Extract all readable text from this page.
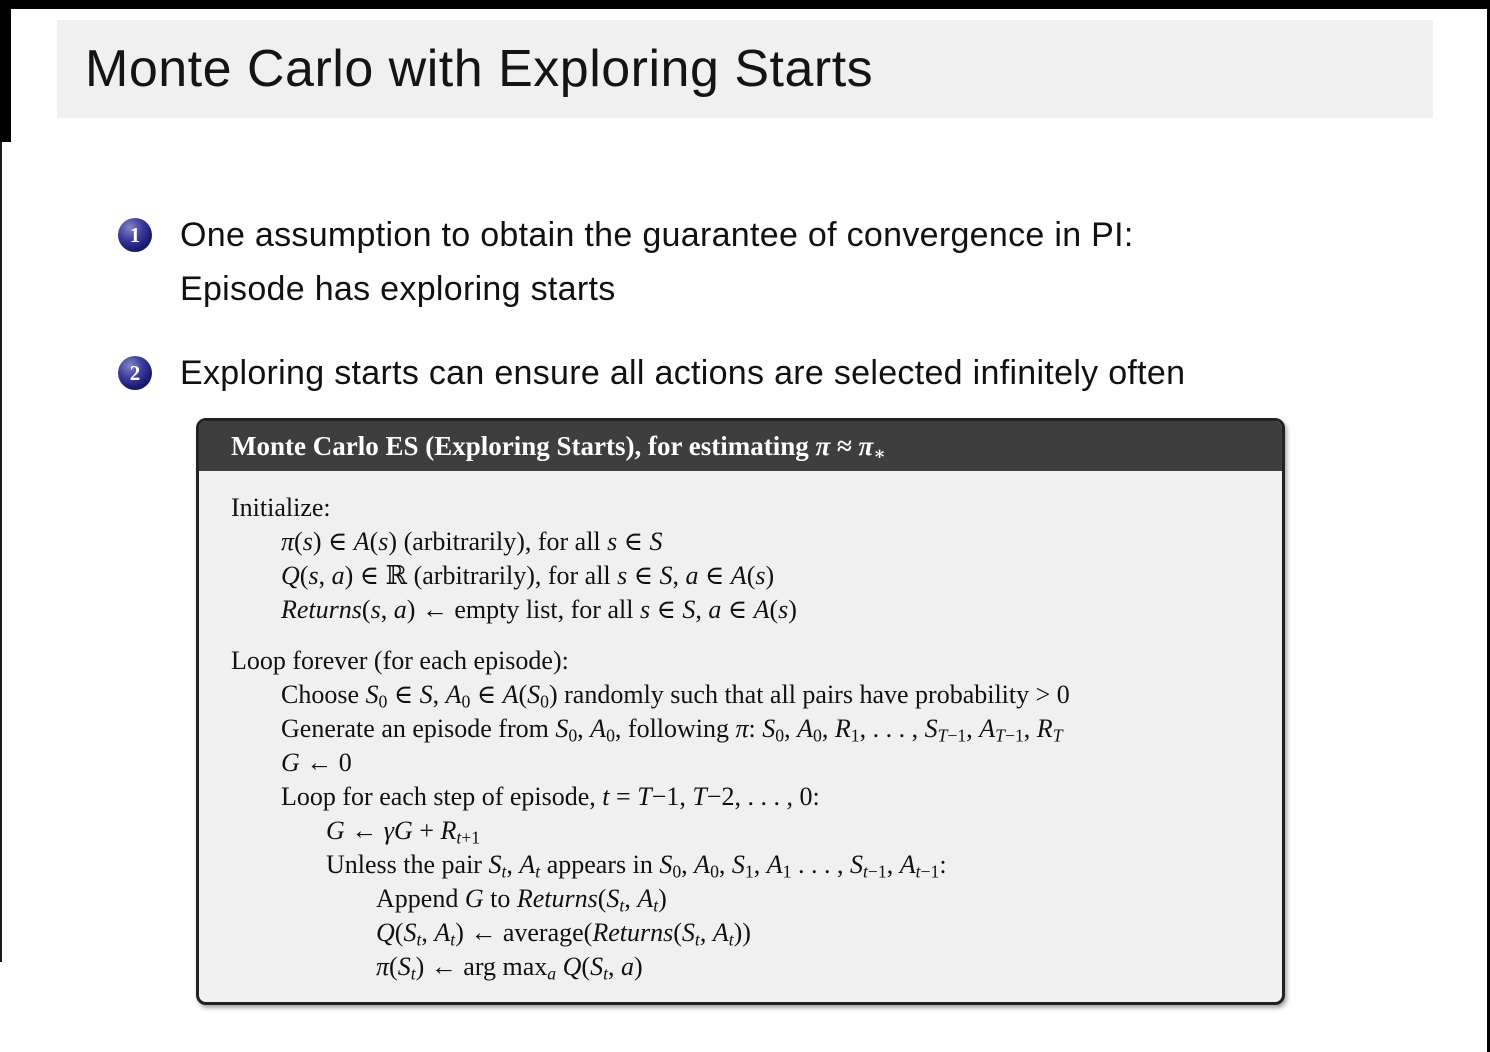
Monte Carlo with Exploring Starts
1	One assumption to obtain the guarantee of convergence in PI:
Episode has exploring starts
2	Exploring starts can ensure all actions are selected infinitely often
Monte Carlo ES (Exploring Starts), for estimating $\pi \approx \pi_∗$
Initialize:
π(s) ∈ A(s) (arbitrarily), for all s ∈ S
Q(s, a) ∈ ℝ (arbitrarily), for all s ∈ S, a ∈ A(s)
Returns(s, a) ← empty list, for all s ∈ S, a ∈ A(s)
Loop forever (for each episode):
Choose $S_0$ ∈ S, $A_0$ ∈ $A(S_0)$ randomly such that all pairs have probability > 0
Generate an episode from $S_0$, $A_0$, following π: $S_0$, $A_0$, $R_1$, . . . , $S_{T-1}$, $A_{T-1}$, $R_T$
G ← 0
Loop for each step of episode, t = T−1, T−2, . . . , 0:
G ← $\gamma G + R_{t+1}$
Unless the pair $S_t$, $A_t$ appears in $S_0$, $A_0$, $S_1$, $A_1$ . . . , $S_{t-1}$, $A_{t-1}$:
Append G to $Returns(S_t$, $A_t$)
$Q(S_t$, $A_t$) ← $average(Returns(S_t$, $A_t$))
$\pi(S_t)$ ← arg $\max_a Q(S_t$, a)
